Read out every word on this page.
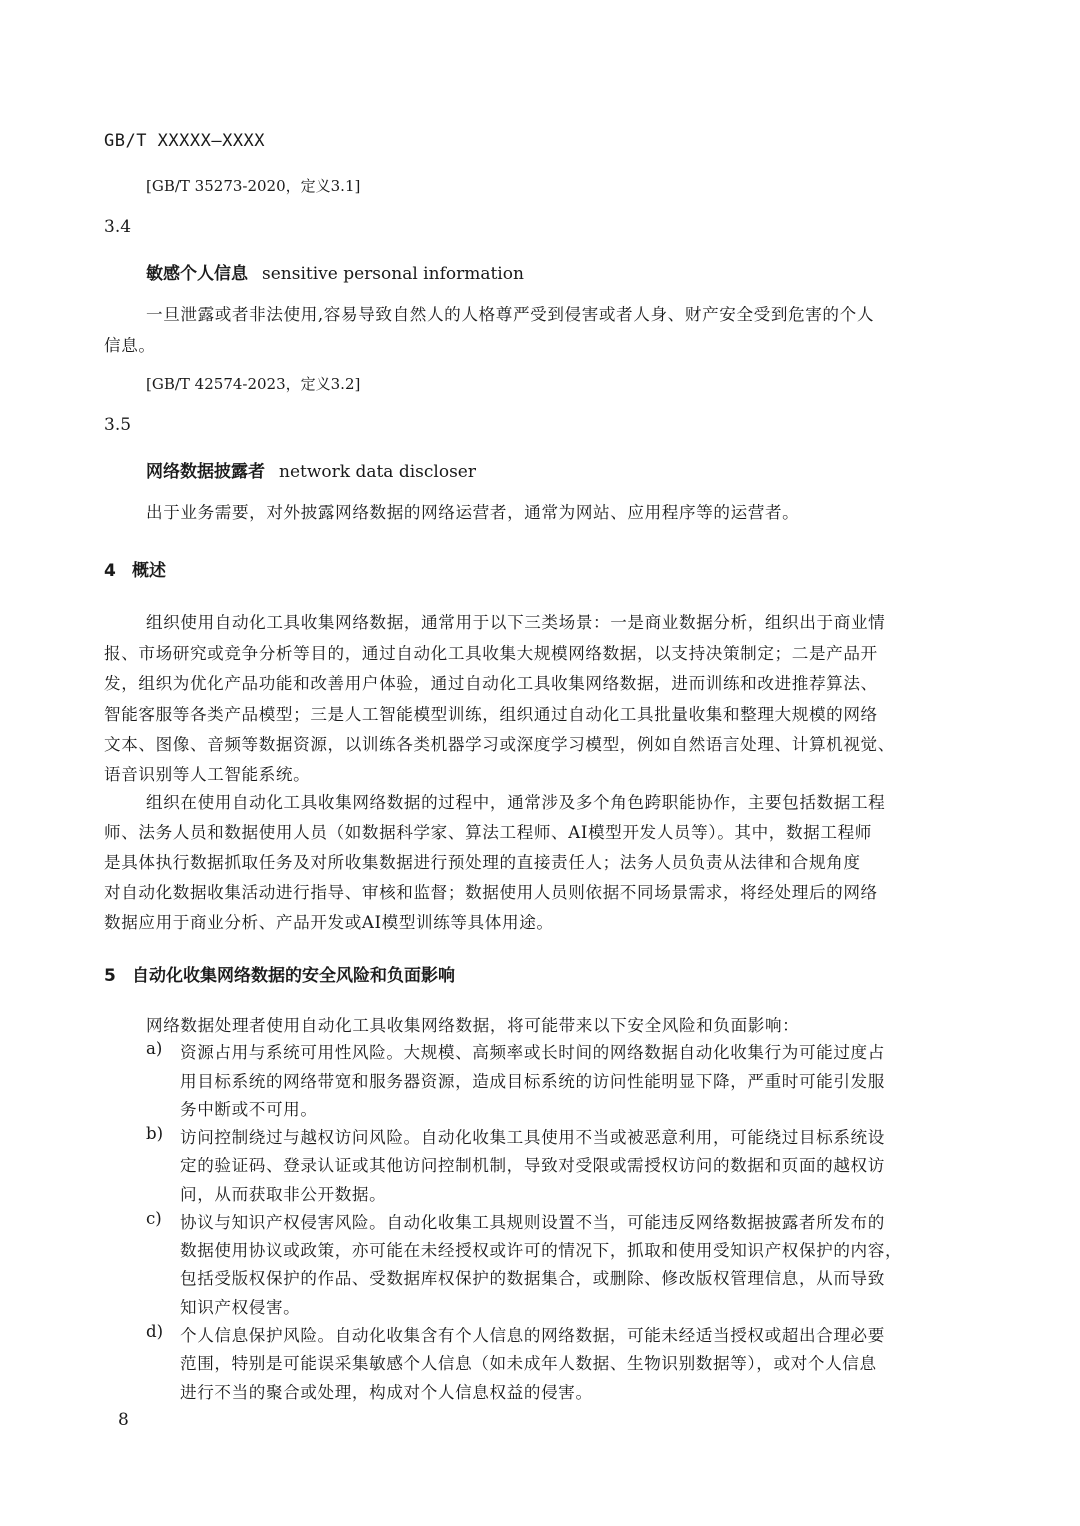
GB/T XXXXX—XXXX
[GB/T 35273-2020，定义3.1]
3.4
敏感个人信息 sensitive personal information
一旦泄露或者非法使用,容易导致自然人的人格尊严受到侵害或者人身、财产安全受到危害的个人
信息。
[GB/T 42574-2023，定义3.2]
3.5
网络数据披露者 network data discloser
出于业务需要，对外披露网络数据的网络运营者，通常为网站、应用程序等的运营者。
4 概述
组织使用自动化工具收集网络数据，通常用于以下三类场景：一是商业数据分析，组织出于商业情
报、市场研究或竞争分析等目的，通过自动化工具收集大规模网络数据，以支持决策制定；二是产品开
发，组织为优化产品功能和改善用户体验，通过自动化工具收集网络数据，进而训练和改进推荐算法、
智能客服等各类产品模型；三是人工智能模型训练，组织通过自动化工具批量收集和整理大规模的网络
文本、图像、音频等数据资源，以训练各类机器学习或深度学习模型，例如自然语言处理、计算机视觉、
语音识别等人工智能系统。
组织在使用自动化工具收集网络数据的过程中，通常涉及多个角色跨职能协作，主要包括数据工程
师、法务人员和数据使用人员（如数据科学家、算法工程师、AI模型开发人员等）。其中，数据工程师
是具体执行数据抓取任务及对所收集数据进行预处理的直接责任人；法务人员负责从法律和合规角度
对自动化数据收集活动进行指导、审核和监督；数据使用人员则依据不同场景需求，将经处理后的网络
数据应用于商业分析、产品开发或AI模型训练等具体用途。
5 自动化收集网络数据的安全风险和负面影响
网络数据处理者使用自动化工具收集网络数据，将可能带来以下安全风险和负面影响：
a) 资源占用与系统可用性风险。大规模、高频率或长时间的网络数据自动化收集行为可能过度占
用目标系统的网络带宽和服务器资源，造成目标系统的访问性能明显下降，严重时可能引发服
务中断或不可用。
b) 访问控制绕过与越权访问风险。自动化收集工具使用不当或被恶意利用，可能绕过目标系统设
定的验证码、登录认证或其他访问控制机制，导致对受限或需授权访问的数据和页面的越权访
问，从而获取非公开数据。
c) 协议与知识产权侵害风险。自动化收集工具规则设置不当，可能违反网络数据披露者所发布的
数据使用协议或政策，亦可能在未经授权或许可的情况下，抓取和使用受知识产权保护的内容，
包括受版权保护的作品、受数据库权保护的数据集合，或删除、修改版权管理信息，从而导致
知识产权侵害。
d) 个人信息保护风险。自动化收集含有个人信息的网络数据，可能未经适当授权或超出合理必要
范围，特别是可能误采集敏感个人信息（如未成年人数据、生物识别数据等），或对个人信息
进行不当的聚合或处理，构成对个人信息权益的侵害。
8
